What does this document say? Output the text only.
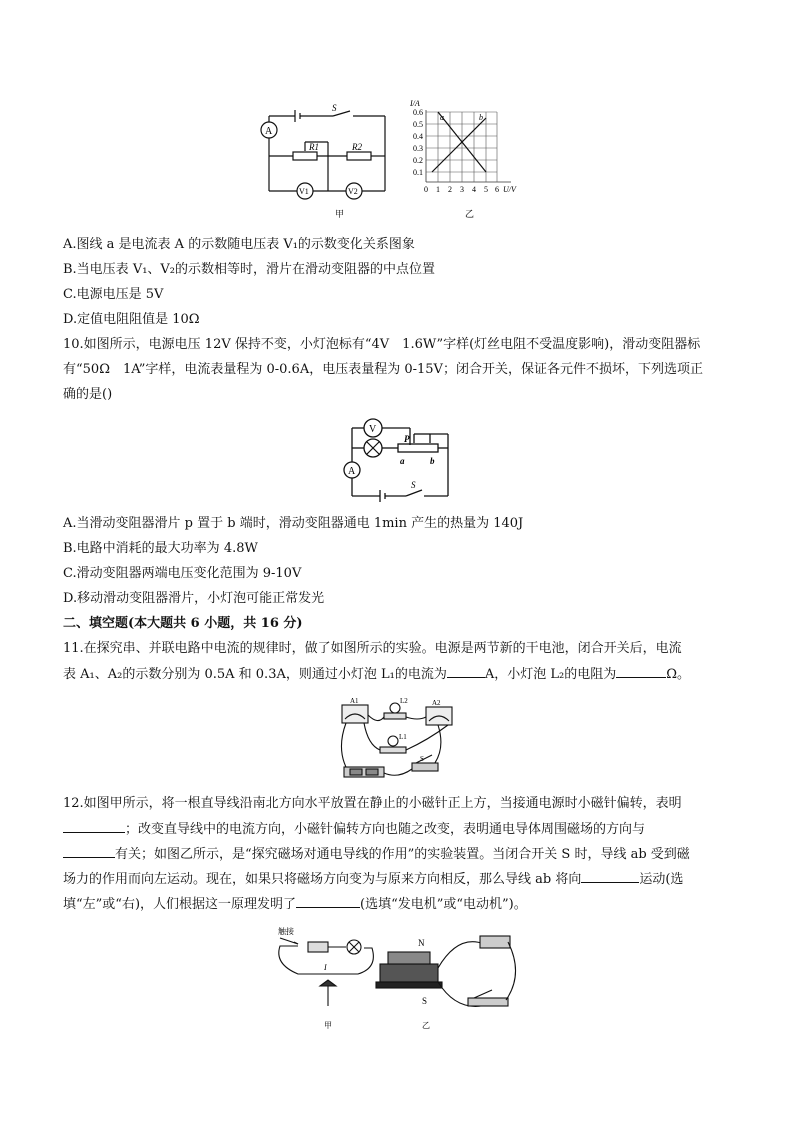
A
S
R1	R2
V1	V2
甲
I/A
a	b
0.6
0.5
0.4
0.3
0.2
0.1
0 1 2 3 4 5 6 U/V
乙
A.图线 a 是电流表 A 的示数随电压表 V₁的示数变化关系图象
B.当电压表 V₁、V₂的示数相等时，滑片在滑动变阻器的中点位置
C.电源电压是 5V
D.定值电阻阻值是 10Ω
10.如图所示，电源电压 12V 保持不变，小灯泡标有“4V　1.6W”字样(灯丝电阻不受温度影响)，滑动变阻器标
有“50Ω　1A”字样，电流表量程为 0-0.6A，电压表量程为 0-15V；闭合开关，保证各元件不损坏，下列选项正
确的是()
V
A
P
a	b
S
A.当滑动变阻器滑片 p 置于 b 端时，滑动变阻器通电 1min 产生的热量为 140J
B.电路中消耗的最大功率为 4.8W
C.滑动变阻器两端电压变化范围为 9-10V
D.移动滑动变阻器滑片，小灯泡可能正常发光
二、填空题(本大题共 6 小题，共 16 分)
11.在探究串、并联电路中电流的规律时，做了如图所示的实验。电源是两节新的干电池，闭合开关后，电流
表 A₁、A₂的示数分别为 0.5A 和 0.3A，则通过小灯泡 L₁的电流为	A，小灯泡 L₂的电阻为	Ω。
A1	A2
L2
L1
S
12.如图甲所示，将一根直导线沿南北方向水平放置在静止的小磁针正上方，当接通电源时小磁针偏转，表明
；改变直导线中的电流方向，小磁针偏转方向也随之改变，表明通电导体周围磁场的方向与
有关；如图乙所示，是“探究磁场对通电导线的作用”的实验装置。当闭合开关 S 时，导线 ab 受到磁
场力的作用而向左运动。现在，如果只将磁场方向变为与原来方向相反，那么导线 ab 将向	运动(选
填“左”或“右)，人们根据这一原理发明了	(选填“发电机”或“电动机”)。
触接
I
甲
N
S
乙
